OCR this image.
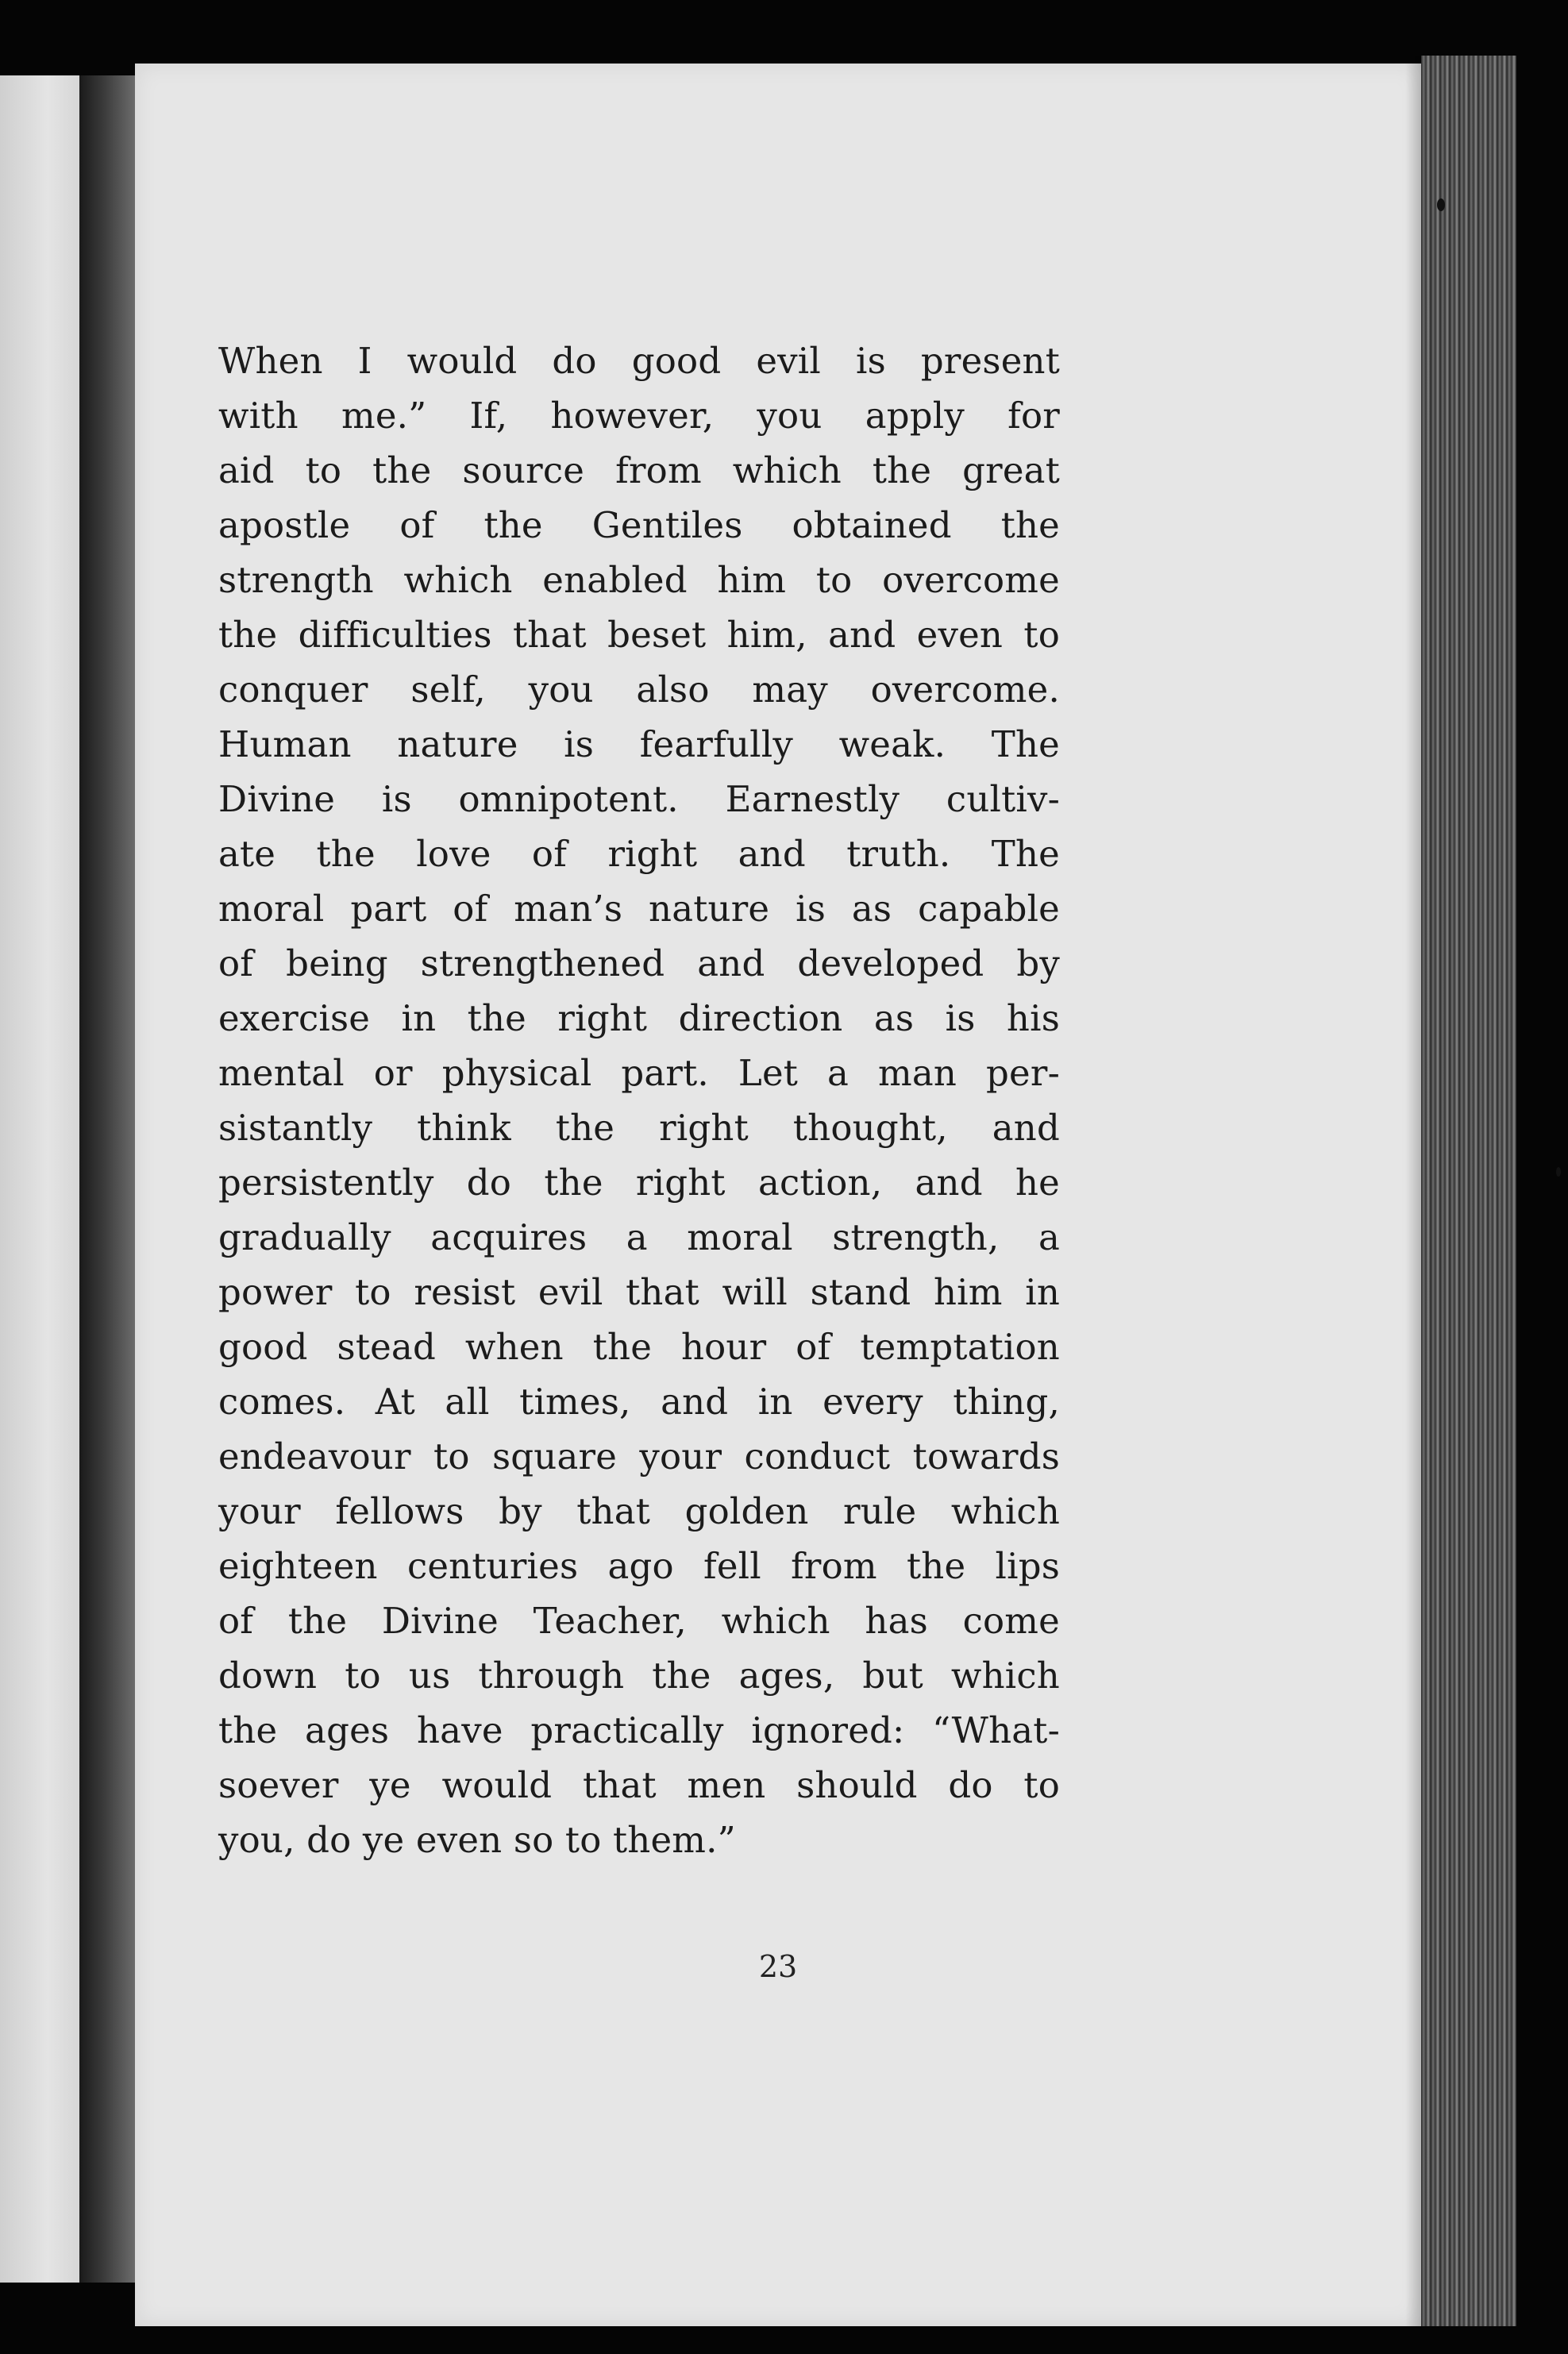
23
When I would do good evil is present
with me.” If, however, you apply for
aid to the source from which the great
apostle of the Gentiles obtained the
strength which enabled him to overcome
the difficulties that beset him, and even to
conquer self, you also may overcome.
Human nature is fearfully weak. The
Divine is omnipotent. Earnestly cultiv-
ate the love of right and truth. The
moral part of man’s nature is as capable
of being strengthened and developed by
exercise in the right direction as is his
mental or physical part. Let a man per-
sistantly think the right thought, and
persistently do the right action, and he
gradually acquires a moral strength, a
power to resist evil that will stand him in
good stead when the hour of temptation
comes. At all times, and in every thing,
endeavour to square your conduct towards
your fellows by that golden rule which
eighteen centuries ago fell from the lips
of the Divine Teacher, which has come
down to us through the ages, but which
the ages have practically ignored: “What-
soever ye would that men should do to
you, do ye even so to them.”
